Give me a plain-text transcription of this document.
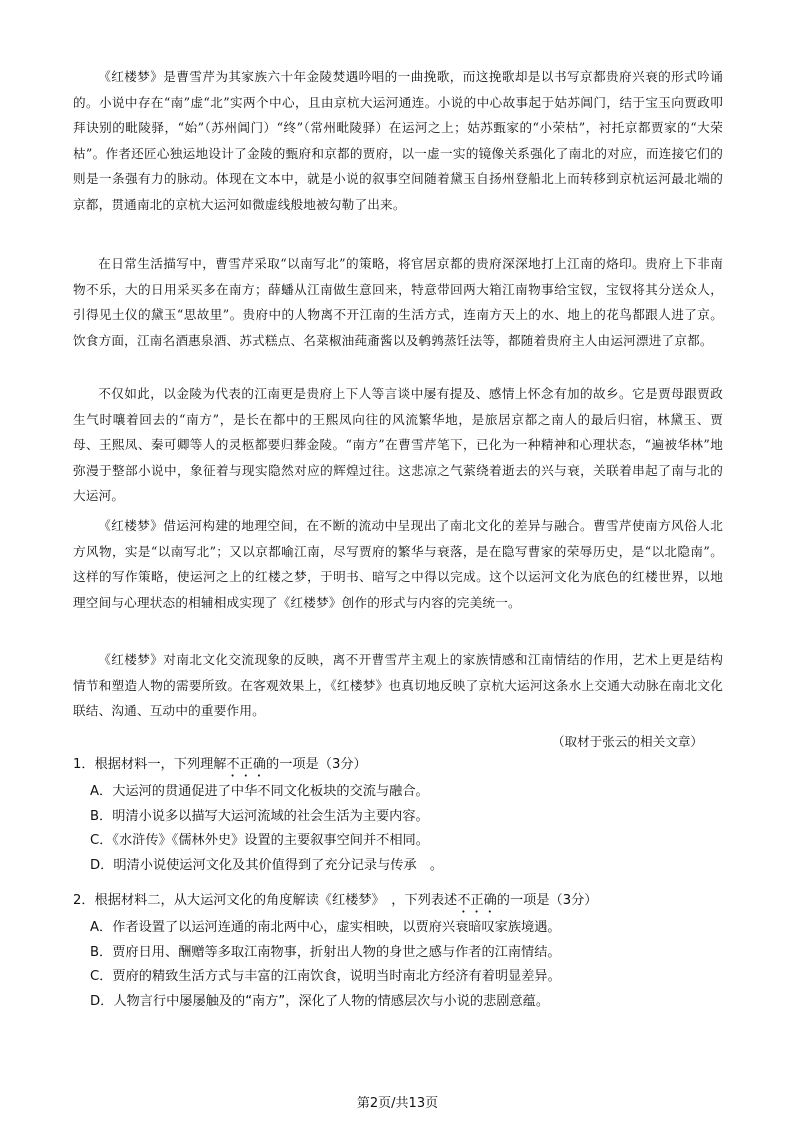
《红楼梦》是曹雪芹为其家族六十年金陵焚遇吟唱的一曲挽歌，而这挽歌却是以书写京都贵府兴衰的形式吟诵的。小说中存在“南”虚“北”实两个中心，且由京杭大运河通连。小说的中心故事起于姑苏阊门，结于宝玉向贾政叩拜诀别的毗陵驿，“始”（苏州阊门）“终”（常州毗陵驿）在运河之上；姑苏甄家的“小荣枯”，衬托京都贾家的“大荣枯”。作者还匠心独运地设计了金陵的甄府和京都的贾府，以一虚一实的镜像关系强化了南北的对应，而连接它们的则是一条强有力的脉动。体现在文本中，就是小说的叙事空间随着黛玉自扬州登船北上而转移到京杭运河最北端的京都，贯通南北的京杭大运河如微虚线般地被勾勒了出来。

在日常生活描写中，曹雪芹采取“以南写北”的策略，将官居京都的贵府深深地打上江南的烙印。贵府上下非南物不乐，大的日用采买多在南方；薛蟠从江南做生意回来，特意带回两大箱江南物事给宝钗，宝钗将其分送众人，引得见土仪的黛玉“思故里”。贵府中的人物离不开江南的生活方式，连南方天上的水、地上的花鸟都跟人进了京。饮食方面，江南名酒惠泉酒、苏式糕点、名菜椒油莼齑酱以及鹌鹑蒸饪法等，都随着贵府主人由运河漂进了京都。

不仅如此，以金陵为代表的江南更是贵府上下人等言谈中屡有提及、感情上怀念有加的故乡。它是贾母跟贾政生气时嚷着回去的“南方”，是长在都中的王熙凤向往的风流繁华地，是旅居京都之南人的最后归宿，林黛玉、贾母、王熙凤、秦可卿等人的灵柩都要归葬金陵。“南方”在曹雪芹笔下，已化为一种精神和心理状态，“遍被华林”地弥漫于整部小说中，象征着与现实隐然对应的辉煌过往。这悲凉之气萦绕着逝去的兴与衰，关联着串起了南与北的大运河。

《红楼梦》借运河构建的地理空间，在不断的流动中呈现出了南北文化的差异与融合。曹雪芹使南方风俗人北方风物，实是“以南写北”；又以京都喻江南，尽写贾府的繁华与衰落，是在隐写曹家的荣辱历史，是“以北隐南”。这样的写作策略，使运河之上的红楼之梦，于明书、暗写之中得以完成。这个以运河文化为底色的红楼世界，以地理空间与心理状态的相辅相成实现了《红楼梦》创作的形式与内容的完美统一。

《红楼梦》对南北文化交流现象的反映，离不开曹雪芹主观上的家族情感和江南情结的作用，艺术上更是结构情节和塑造人物的需要所致。在客观效果上，《红楼梦》也真切地反映了京杭大运河这条水上交通大动脉在南北文化联结、沟通、互动中的重要作用。

（取材于张云的相关文章）
1．根据材料一，下列理解不正确的一项是（3分）
A．大运河的贯通促进了中华不同文化板块的交流与融合。
B．明清小说多以描写大运河流域的社会生活为主要内容。
C．《水浒传》《儒林外史》设置的主要叙事空间并不相同。
D．明清小说使运河文化及其价值得到了充分记录与传承　。
2．根据材料二，从大运河文化的角度解读《红楼梦》　，下列表述不正确的一项是（3分）
A．作者设置了以运河连通的南北两中心，虚实相映，以贾府兴衰暗叹家族境遇。
B．贾府日用、酬赠等多取江南物事，折射出人物的身世之感与作者的江南情结。
C．贾府的精致生活方式与丰富的江南饮食，说明当时南北方经济有着明显差异。
D．人物言行中屡屡触及的“南方”，深化了人物的情感层次与小说的悲剧意蕴。
第2页/共13页
